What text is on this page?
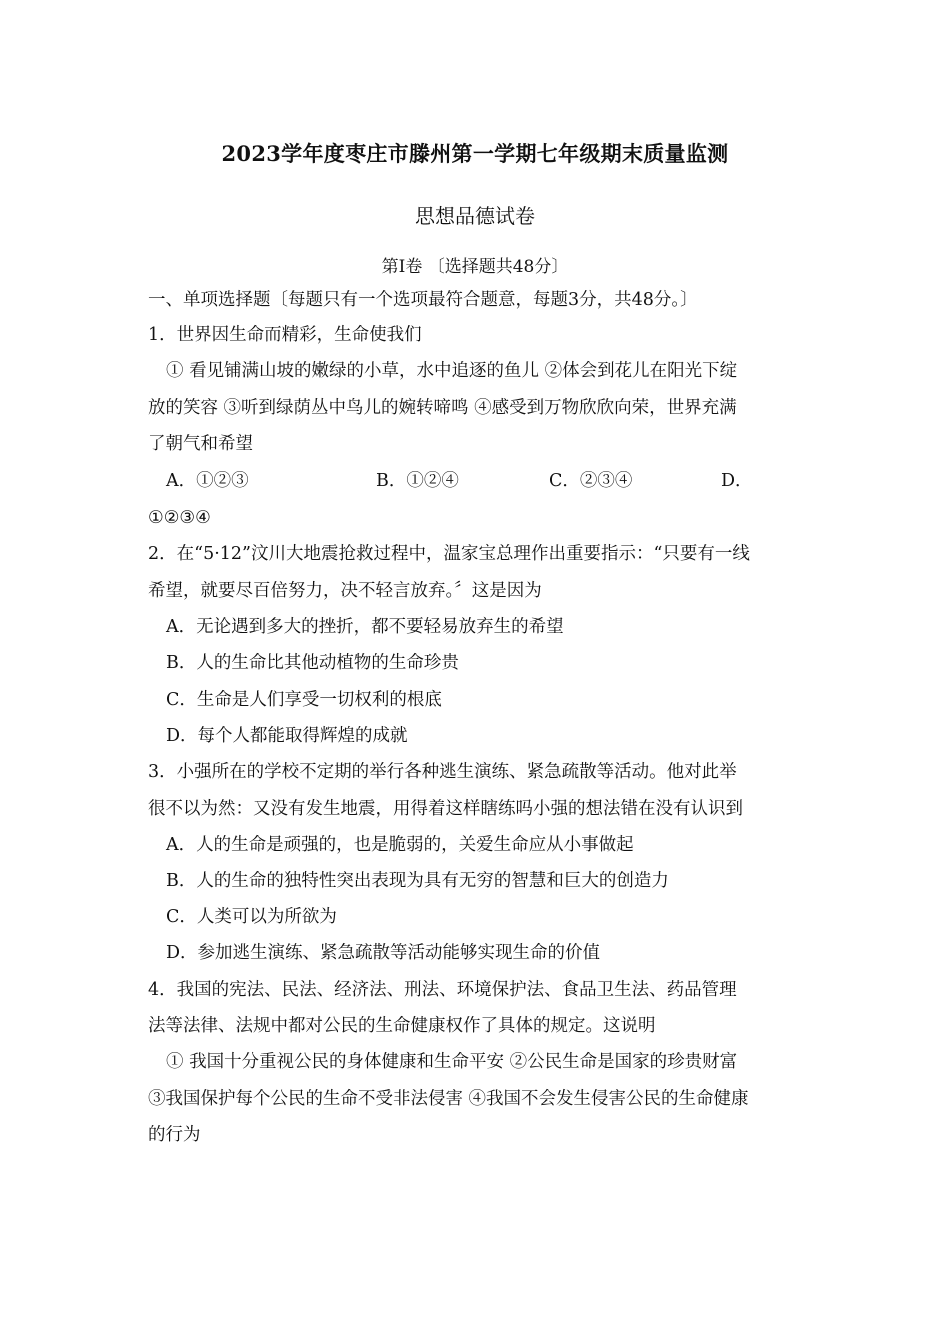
2023学年度枣庄市滕州第一学期七年级期末质量监测
思想品德试卷
第I卷 〔选择题共48分〕
一、单项选择题〔每题只有一个选项最符合题意，每题3分，共48分。〕
1．世界因生命而精彩，生命使我们
① 看见铺满山坡的嫩绿的小草，水中追逐的鱼儿 ②体会到花儿在阳光下绽
放的笑容 ③听到绿荫丛中鸟儿的婉转啼鸣 ④感受到万物欣欣向荣，世界充满
了朝气和希望
A．①②③	B．①②④	C．②③④	D．
①②③④
2．在“5·12”汶川大地震抢救过程中，温家宝总理作出重要指示：“只要有一线
希望，就要尽百倍努力，决不轻言放弃。〞这是因为
A．无论遇到多大的挫折，都不要轻易放弃生的希望
B．人的生命比其他动植物的生命珍贵
C．生命是人们享受一切权利的根底
D．每个人都能取得辉煌的成就
3．小强所在的学校不定期的举行各种逃生演练、紧急疏散等活动。他对此举
很不以为然：又没有发生地震，用得着这样瞎练吗小强的想法错在没有认识到
A．人的生命是顽强的，也是脆弱的，关爱生命应从小事做起
B．人的生命的独特性突出表现为具有无穷的智慧和巨大的创造力
C．人类可以为所欲为
D．参加逃生演练、紧急疏散等活动能够实现生命的价值
4．我国的宪法、民法、经济法、刑法、环境保护法、食品卫生法、药品管理
法等法律、法规中都对公民的生命健康权作了具体的规定。这说明
① 我国十分重视公民的身体健康和生命平安 ②公民生命是国家的珍贵财富
③我国保护每个公民的生命不受非法侵害 ④我国不会发生侵害公民的生命健康
的行为
